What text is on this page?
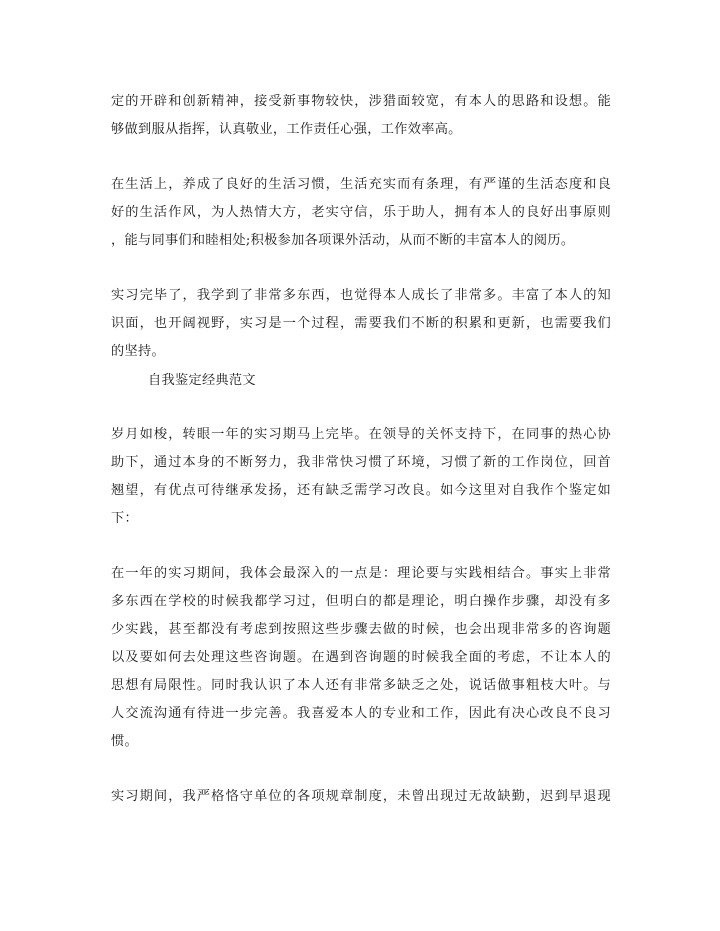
定的开辟和创新精神，接受新事物较快，涉猎面较宽，有本人的思路和设想。能
够做到服从指挥，认真敬业，工作责任心强，工作效率高。
在生活上，养成了良好的生活习惯，生活充实而有条理，有严谨的生活态度和良
好的生活作风，为人热情大方，老实守信，乐于助人，拥有本人的良好出事原则
，能与同事们和睦相处;积极参加各项课外活动，从而不断的丰富本人的阅历。
实习完毕了，我学到了非常多东西，也觉得本人成长了非常多。丰富了本人的知
识面，也开阔视野，实习是一个过程，需要我们不断的积累和更新，也需要我们
的坚持。
自我鉴定经典范文
岁月如梭，转眼一年的实习期马上完毕。在领导的关怀支持下，在同事的热心协
助下，通过本身的不断努力，我非常快习惯了环境，习惯了新的工作岗位，回首
翘望，有优点可待继承发扬，还有缺乏需学习改良。如今这里对自我作个鉴定如
下：
在一年的实习期间，我体会最深入的一点是：理论要与实践相结合。事实上非常
多东西在学校的时候我都学习过，但明白的都是理论，明白操作步骤，却没有多
少实践，甚至都没有考虑到按照这些步骤去做的时候，也会出现非常多的咨询题
以及要如何去处理这些咨询题。在遇到咨询题的时候我全面的考虑，不让本人的
思想有局限性。同时我认识了本人还有非常多缺乏之处，说话做事粗枝大叶。与
人交流沟通有待进一步完善。我喜爱本人的专业和工作，因此有决心改良不良习
惯。
实习期间，我严格恪守单位的各项规章制度，未曾出现过无故缺勤，迟到早退现
